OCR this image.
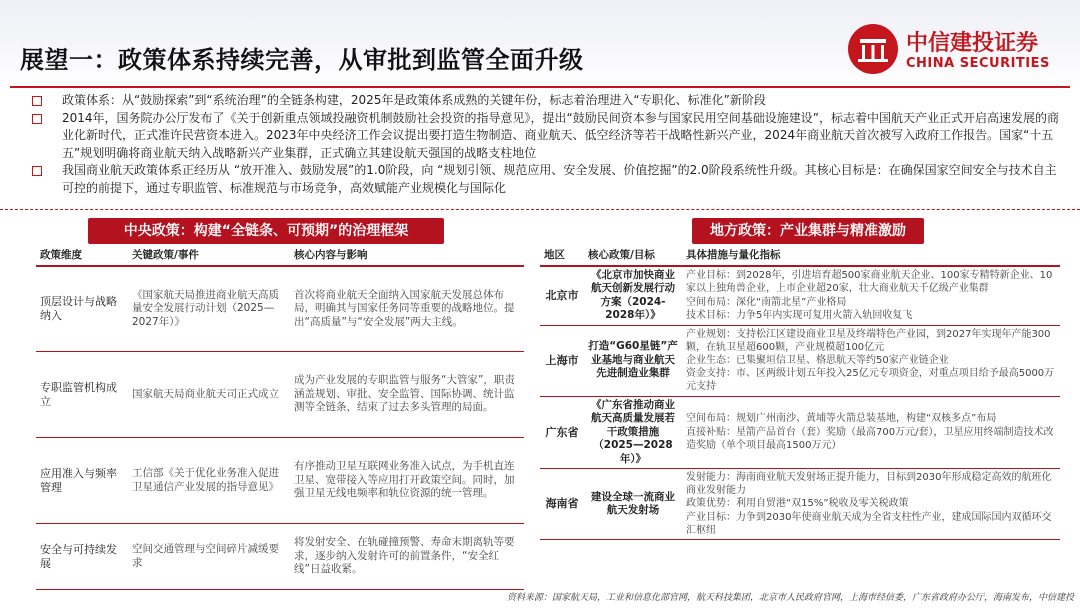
展望一：政策体系持续完善，从审批到监管全面升级
中信建投证券
CHINA SECURITIES
政策体系：从“鼓励探索”到“系统治理”的全链条构建，2025年是政策体系成熟的关键年份，标志着治理进入“专职化、标准化”新阶段
2014年，国务院办公厅发布了《关于创新重点领域投融资机制鼓励社会投资的指导意见》，提出“鼓励民间资本参与国家民用空间基础设施建设”，标志着中国航天产业正式开启高速发展的商业化新时代，正式准许民营资本进入。2023年中央经济工作会议提出要打造生物制造、商业航天、低空经济等若干战略性新兴产业，2024年商业航天首次被写入政府工作报告。国家“十五五”规划明确将商业航天纳入战略新兴产业集群，正式确立其建设航天强国的战略支柱地位
我国商业航天政策体系正经历从 “放开准入、鼓励发展”的1.0阶段，向 “规划引领、规范应用、安全发展、价值挖掘”的2.0阶段系统性升级。其核心目标是：在确保国家空间安全与技术自主可控的前提下，通过专职监管、标准规范与市场竞争，高效赋能产业规模化与国际化
中央政策：构建“全链条、可预期”的治理框架	地方政策：产业集群与精准激励
政策维度	关键政策/事件	核心内容与影响
顶层设计与战略纳入	《国家航天局推进商业航天高质量安全发展行动计划（2025—2027年）》	首次将商业航天全面纳入国家航天发展总体布局，明确其与国家任务同等重要的战略地位。提出“高质量”与“安全发展”两大主线。
专职监管机构成立	国家航天局商业航天司正式成立	成为产业发展的专职监管与服务“大管家”，职责涵盖规划、审批、安全监管、国际协调、统计监测等全链条，结束了过去多头管理的局面。
应用准入与频率管理	工信部《关于优化业务准入促进卫星通信产业发展的指导意见》	有序推动卫星互联网业务准入试点，为手机直连卫星、宽带接入等应用打开政策空间。同时，加强卫星无线电频率和轨位资源的统一管理。
安全与可持续发展	空间交通管理与空间碎片减缓要求	将发射安全、在轨碰撞预警、寿命末期离轨等要求，逐步纳入发射许可的前置条件，“安全红线”日益收紧。
地区	核心政策/目标	具体措施与量化指标
北京市	《北京市加快商业航天创新发展行动方案（2024-2028年）》	产业目标：到2028年，引进培育超500家商业航天企业、100家专精特新企业、10家以上独角兽企业，上市企业超20家，壮大商业航天千亿级产业集群
空间布局：深化“南箭北星”产业格局
技术目标：力争5年内实现可复用火箭入轨回收复飞

上海市	打造“G60星链”产业基地与商业航天先进制造业集群	产业规划：支持松江区建设商业卫星及终端特色产业园，到2027年实现年产能300颗，在轨卫星超600颗，产业规模超100亿元
企业生态：已集聚垣信卫星、格思航天等约50家产业链企业
资金支持：市、区两级计划五年投入25亿元专项资金，对重点项目给予最高5000万元支持

广东省	《广东省推动商业航天高质量发展若干政策措施（2025—2028年）》	空间布局：规划广州南沙、黄埔等火箭总装基地，构建“双核多点”布局
直接补贴：星箭产品首台（套）奖励（最高700万元/套），卫星应用终端制造技术改造奖励（单个项目最高1500万元）

海南省	建设全球一流商业航天发射场	发射能力：海南商业航天发射场正提升能力，目标到2030年形成稳定高效的航班化商业发射能力
政策优势：利用自贸港“双15%”税收及零关税政策
产业目标：力争到2030年使商业航天成为全省支柱性产业，建成国际国内双循环交汇枢纽
资料来源：国家航天局，工业和信息化部官网，航天科技集团，北京市人民政府官网，上海市经信委，广东省政府办公厅，海南发布，中信建投
